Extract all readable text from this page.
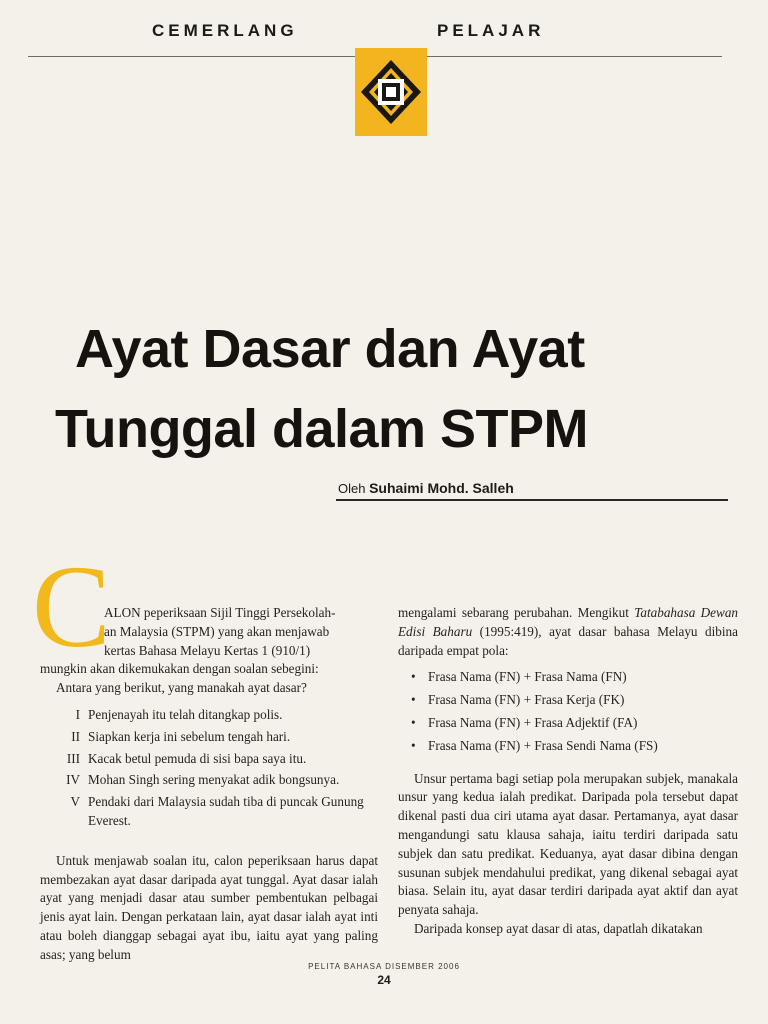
CEMERLANG	PELAJAR
Ayat Dasar dan Ayat
Tunggal dalam STPM
Oleh Suhaimi Mohd. Salleh
C
ALON peperiksaan Sijil Tinggi Persekolah-
an Malaysia (STPM) yang akan menjawab
kertas Bahasa Melayu Kertas 1 (910/1)
mungkin akan dikemukakan dengan soalan sebegini:
Antara yang berikut, yang manakah ayat dasar?
I Penjenayah itu telah ditangkap polis.
II Siapkan kerja ini sebelum tengah hari.
III Kacak betul pemuda di sisi bapa saya itu.
IV Mohan Singh sering menyakat adik bongsunya.
V Pendaki dari Malaysia sudah tiba di puncak Gunung Everest.

Untuk menjawab soalan itu, calon peperiksaan harus dapat membezakan ayat dasar daripada ayat tunggal. Ayat dasar ialah ayat yang menjadi dasar atau sumber pembentukan pelbagai jenis ayat lain. Dengan perkataan lain, ayat dasar ialah ayat inti atau boleh dianggap sebagai ayat ibu, iaitu ayat yang paling asas; yang belum

mengalami sebarang perubahan. Mengikut Tatabahasa Dewan Edisi Baharu (1995:419), ayat dasar bahasa Melayu dibina daripada empat pola:

• Frasa Nama (FN) + Frasa Nama (FN)
• Frasa Nama (FN) + Frasa Kerja (FK)
• Frasa Nama (FN) + Frasa Adjektif (FA)
• Frasa Nama (FN) + Frasa Sendi Nama (FS)

Unsur pertama bagi setiap pola merupakan subjek, manakala unsur yang kedua ialah predikat. Daripada pola tersebut dapat dikenal pasti dua ciri utama ayat dasar. Pertamanya, ayat dasar mengandungi satu klausa sahaja, iaitu terdiri daripada satu subjek dan satu predikat. Keduanya, ayat dasar dibina dengan susunan subjek mendahului predikat, yang dikenal sebagai ayat biasa. Selain itu, ayat dasar terdiri daripada ayat aktif dan ayat penyata sahaja.

Daripada konsep ayat dasar di atas, dapatlah dikatakan

PELITA BAHASA DISEMBER 2006
24
